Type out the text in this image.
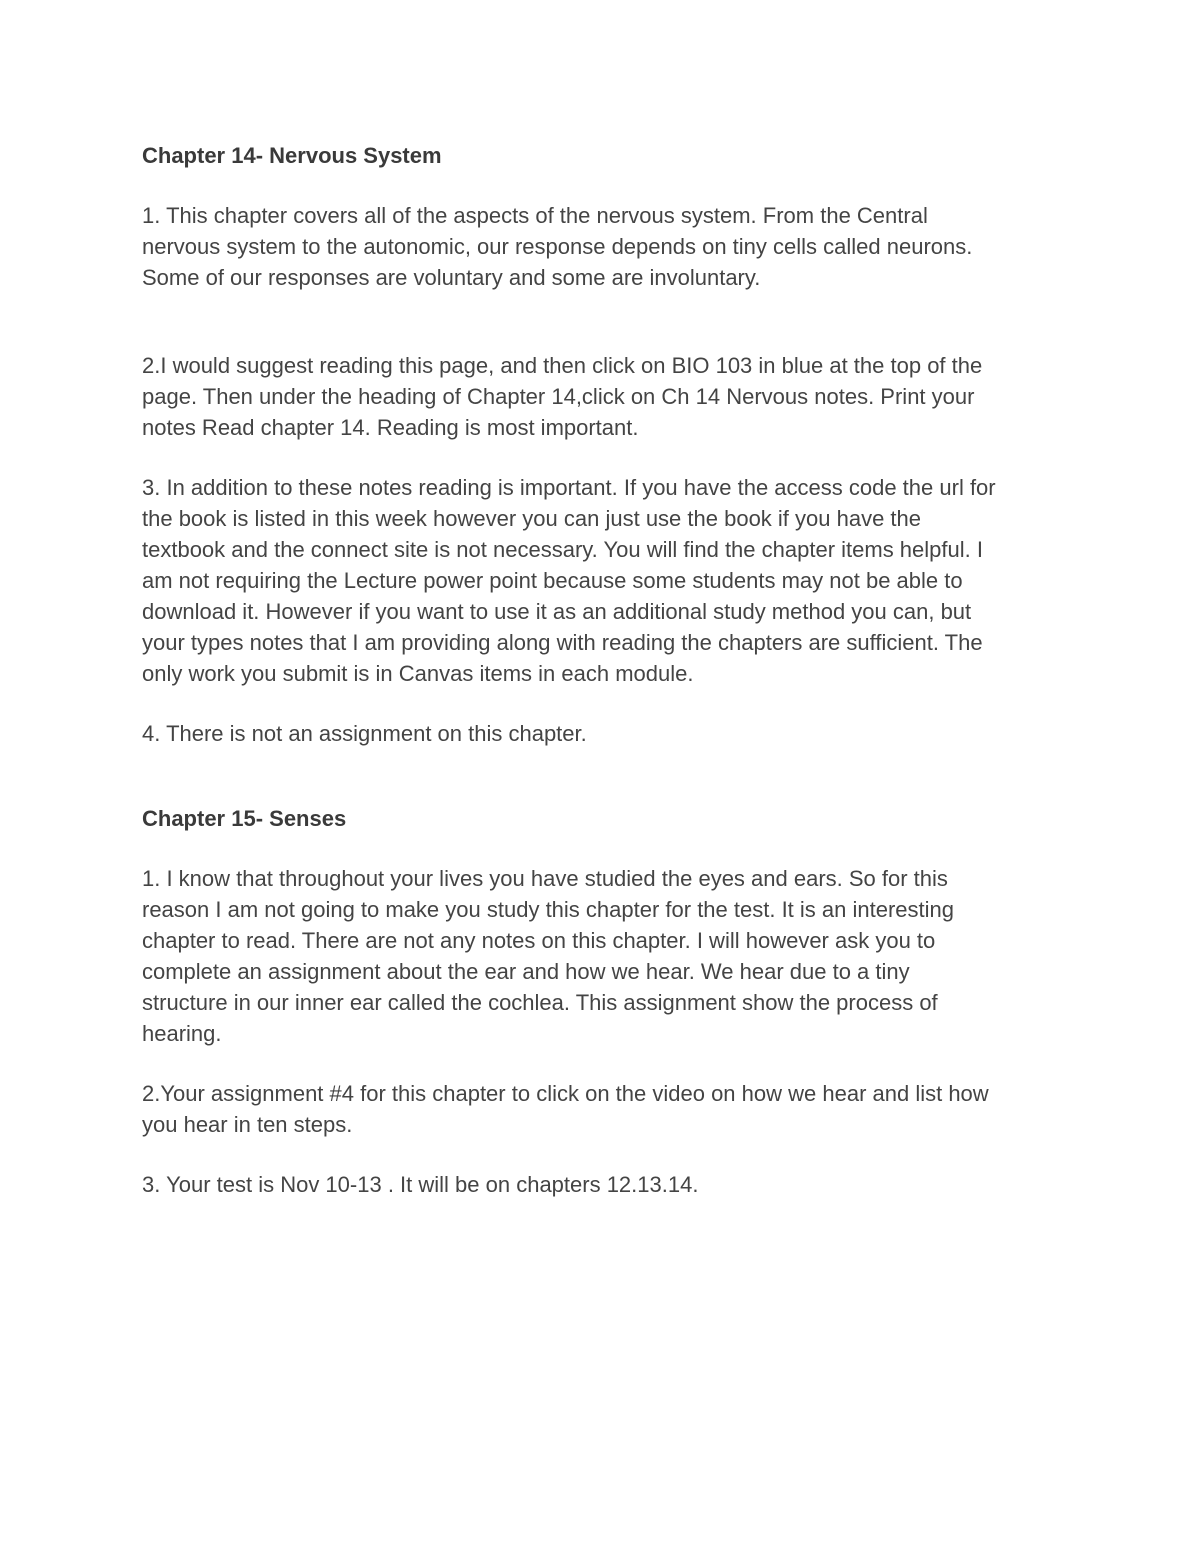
Chapter 14- Nervous System
1. This chapter covers all of the aspects of the nervous system. From the Central
nervous system to the autonomic, our response depends on tiny cells called neurons.
Some of our responses are voluntary and some are involuntary.
2.I would suggest reading this page, and then click on BIO 103 in blue at the top of the
page. Then under the heading of Chapter 14,click on Ch 14 Nervous notes. Print your
notes Read chapter 14. Reading is most important.
3. In addition to these notes reading is important. If you have the access code the url for
the book is listed in this week however you can just use the book if you have the
textbook and the connect site is not necessary. You will find the chapter items helpful. I
am not requiring the Lecture power point because some students may not be able to
download it. However if you want to use it as an additional study method you can, but
your types notes that I am providing along with reading the chapters are sufficient. The
only work you submit is in Canvas items in each module.
4. There is not an assignment on this chapter.
Chapter 15- Senses
1. I know that throughout your lives you have studied the eyes and ears. So for this
reason I am not going to make you study this chapter for the test. It is an interesting
chapter to read. There are not any notes on this chapter. I will however ask you to
complete an assignment about the ear and how we hear. We hear due to a tiny
structure in our inner ear called the cochlea. This assignment show the process of
hearing.
2.Your assignment #4 for this chapter to click on the video on how we hear and list how
you hear in ten steps.
3. Your test is Nov 10-13 . It will be on chapters 12.13.14.
